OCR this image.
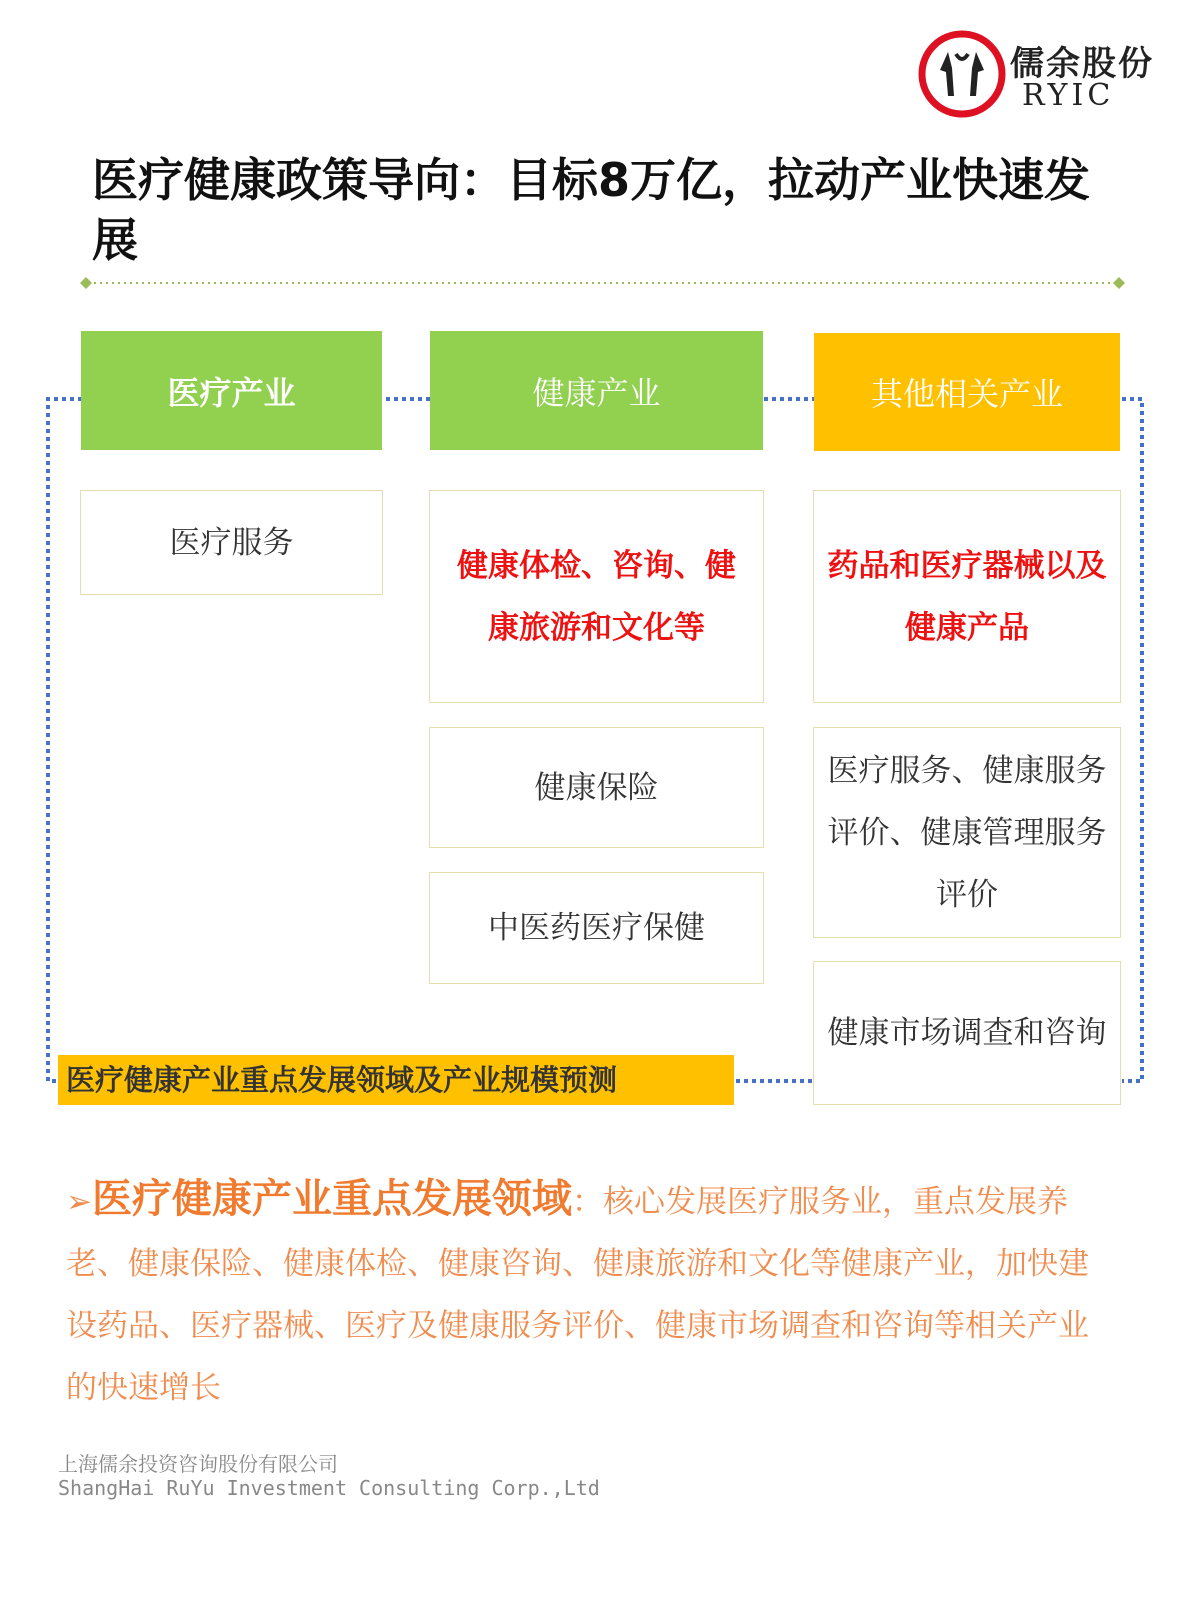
儒余股份
RYIC
医疗健康政策导向：目标8万亿，拉动产业快速发展
医疗产业	健康产业	其他相关产业
医疗服务
健康体检、咨询、健康旅游和文化等
健康保险
中医药医疗保健
药品和医疗器械以及健康产品
医疗服务、健康服务评价、健康管理服务评价
健康市场调查和咨询
医疗健康产业重点发展领域及产业规模预测
➢医疗健康产业重点发展领域：核心发展医疗服务业，重点发展养老、健康保险、健康体检、健康咨询、健康旅游和文化等健康产业，加快建设药品、医疗器械、医疗及健康服务评价、健康市场调查和咨询等相关产业的快速增长
上海儒余投资咨询股份有限公司
ShangHai RuYu Investment Consulting Corp.,Ltd
